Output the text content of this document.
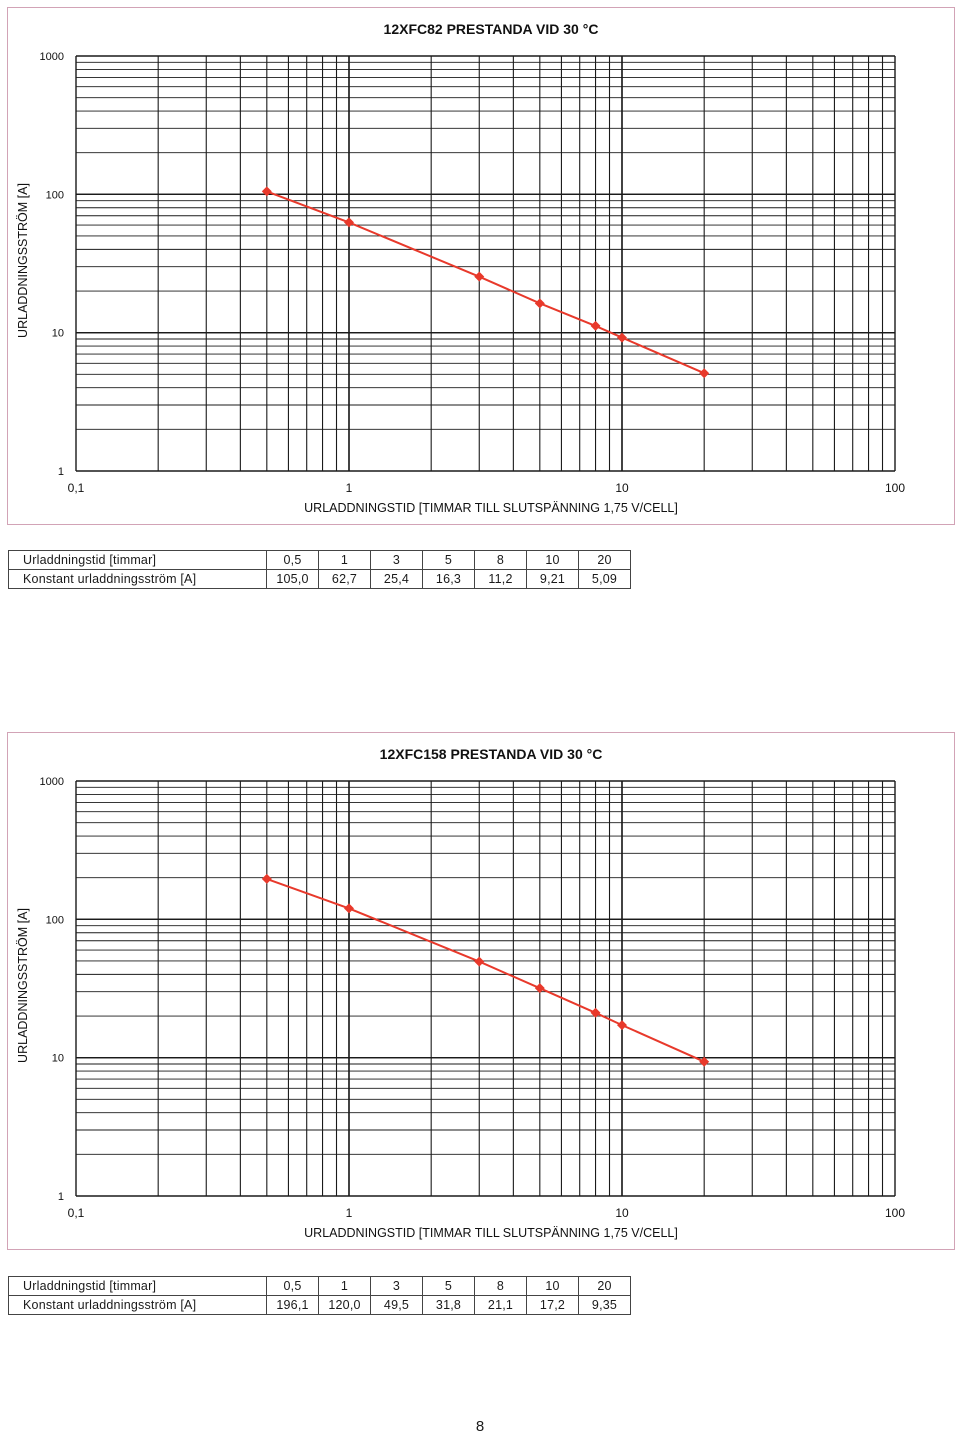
12XFC82 PRESTANDA VID 30 °C
1
10
100
1000
0,1	1	10	100
URLADDNINGSTID [TIMMAR TILL SLUTSPÄNNING 1,75 V/CELL]
URLADDNINGSSTRÖM [A]
Urladdningstid [timmar]	0,5	1	3	5	8	10	20
Konstant urladdningsström [A]	105,0	62,7	25,4	16,3	11,2	9,21	5,09
12XFC158 PRESTANDA VID 30 °C
1
10
100
1000
0,1	1	10	100
URLADDNINGSTID [TIMMAR TILL SLUTSPÄNNING 1,75 V/CELL]
URLADDNINGSSTRÖM [A]
Urladdningstid [timmar]	0,5	1	3	5	8	10	20
Konstant urladdningsström [A]	196,1	120,0	49,5	31,8	21,1	17,2	9,35
8
